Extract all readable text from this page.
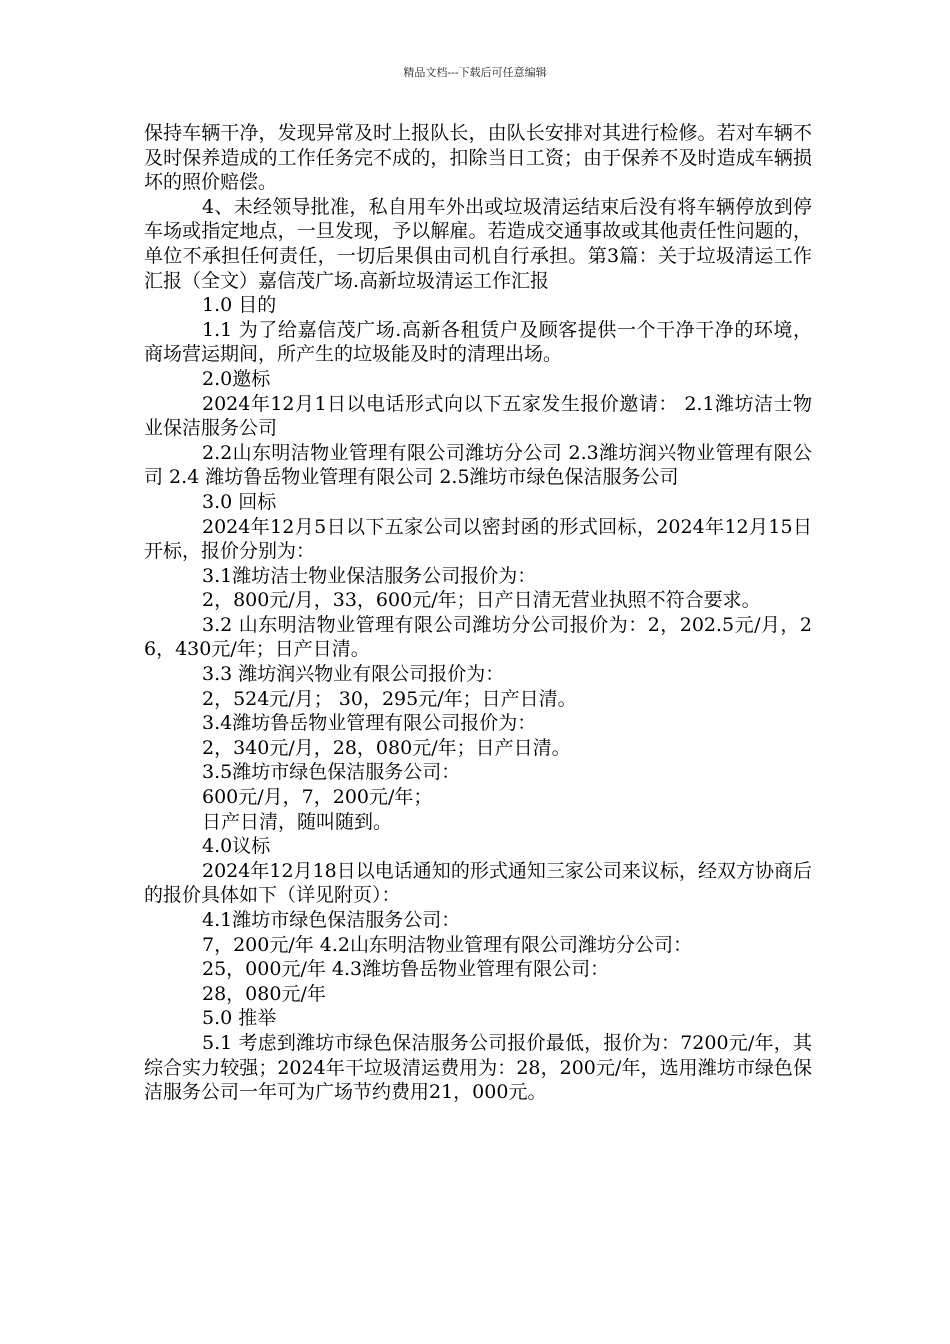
精品文档---下载后可任意编辑

保持车辆干净，发现异常及时上报队长，由队长安排对其进行检修。若对车辆不及时保养造成的工作任务完不成的，扣除当日工资；由于保养不及时造成车辆损坏的照价赔偿。

4、未经领导批准，私自用车外出或垃圾清运结束后没有将车辆停放到停车场或指定地点，一旦发现，予以解雇。若造成交通事故或其他责任性问题的，单位不承担任何责任，一切后果俱由司机自行承担。第3篇：关于垃圾清运工作汇报（全文）嘉信茂广场.高新垃圾清运工作汇报

1.0 目的

1.1 为了给嘉信茂广场.高新各租赁户及顾客提供一个干净干净的环境，商场营运期间，所产生的垃圾能及时的清理出场。

2.0邀标

2024年12月1日以电话形式向以下五家发生报价邀请： 2.1潍坊洁士物业保洁服务公司

2.2山东明洁物业管理有限公司潍坊分公司 2.3潍坊润兴物业管理有限公司 2.4 潍坊鲁岳物业管理有限公司 2.5潍坊市绿色保洁服务公司

3.0 回标

2024年12月5日以下五家公司以密封函的形式回标，2024年12月15日开标，报价分别为：

3.1潍坊洁士物业保洁服务公司报价为：

2，800元/月，33，600元/年；日产日清无营业执照不符合要求。

3.2 山东明洁物业管理有限公司潍坊分公司报价为：2，202.5元/月，26，430元/年；日产日清。

3.3 潍坊润兴物业有限公司报价为：

2，524元/月； 30，295元/年；日产日清。

3.4潍坊鲁岳物业管理有限公司报价为：

2，340元/月，28，080元/年；日产日清。

3.5潍坊市绿色保洁服务公司：

600元/月，7，200元/年；

日产日清，随叫随到。

4.0议标

2024年12月18日以电话通知的形式通知三家公司来议标，经双方协商后的报价具体如下（详见附页）：

4.1潍坊市绿色保洁服务公司：

7，200元/年 4.2山东明洁物业管理有限公司潍坊分公司：

25，000元/年 4.3潍坊鲁岳物业管理有限公司：

28，080元/年

5.0 推举

5.1 考虑到潍坊市绿色保洁服务公司报价最低，报价为：7200元/年，其综合实力较强；2024年干垃圾清运费用为：28，200元/年，选用潍坊市绿色保洁服务公司一年可为广场节约费用21，000元。
